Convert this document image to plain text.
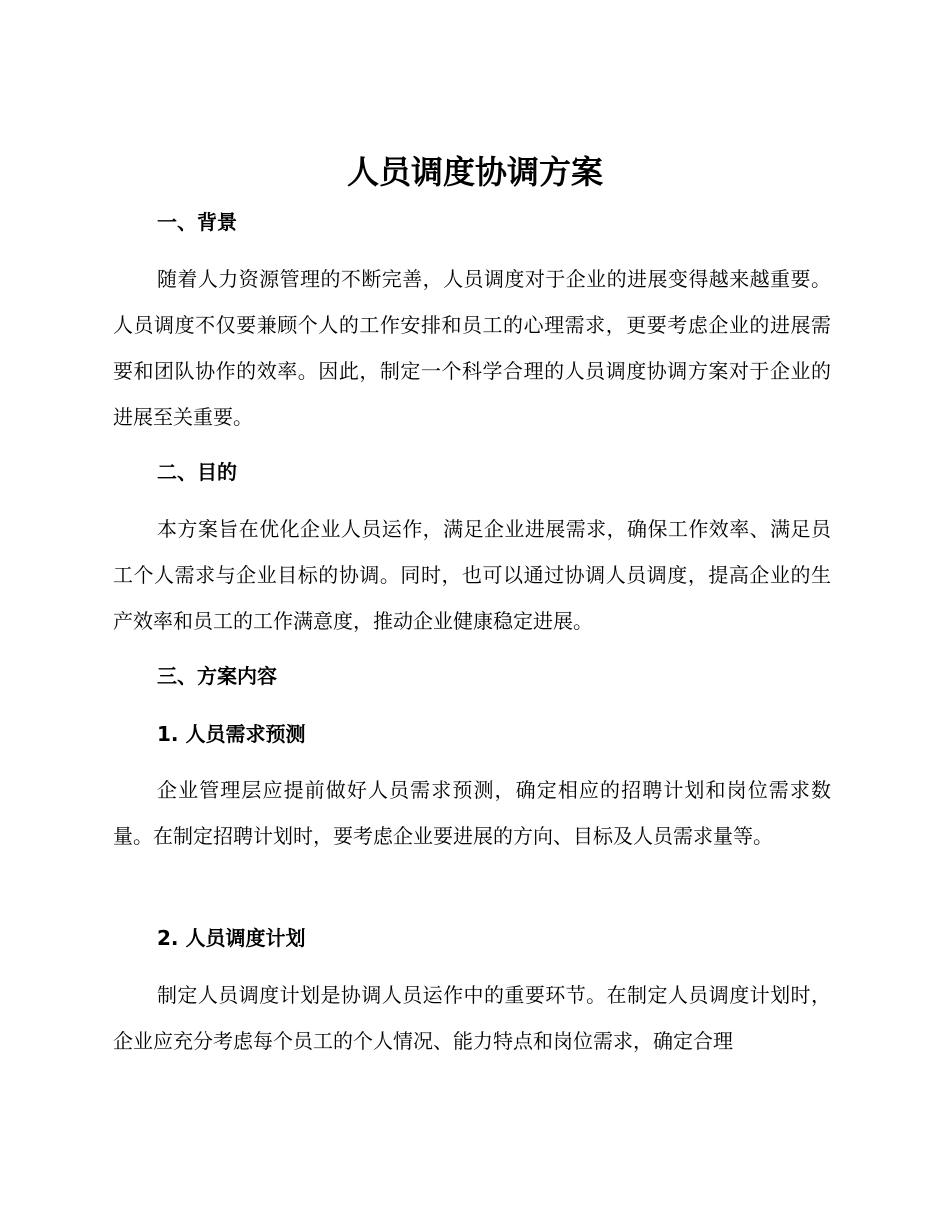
人员调度协调方案
一、背景
随着人力资源管理的不断完善，人员调度对于企业的进展变得越来越重要。人员调度不仅要兼顾个人的工作安排和员工的心理需求，更要考虑企业的进展需要和团队协作的效率。因此，制定一个科学合理的人员调度协调方案对于企业的进展至关重要。
二、目的
本方案旨在优化企业人员运作，满足企业进展需求，确保工作效率、满足员工个人需求与企业目标的协调。同时，也可以通过协调人员调度，提高企业的生产效率和员工的工作满意度，推动企业健康稳定进展。
三、方案内容
1. 人员需求预测
企业管理层应提前做好人员需求预测，确定相应的招聘计划和岗位需求数量。在制定招聘计划时，要考虑企业要进展的方向、目标及人员需求量等。
2. 人员调度计划
制定人员调度计划是协调人员运作中的重要环节。在制定人员调度计划时，企业应充分考虑每个员工的个人情况、能力特点和岗位需求，确定合理
